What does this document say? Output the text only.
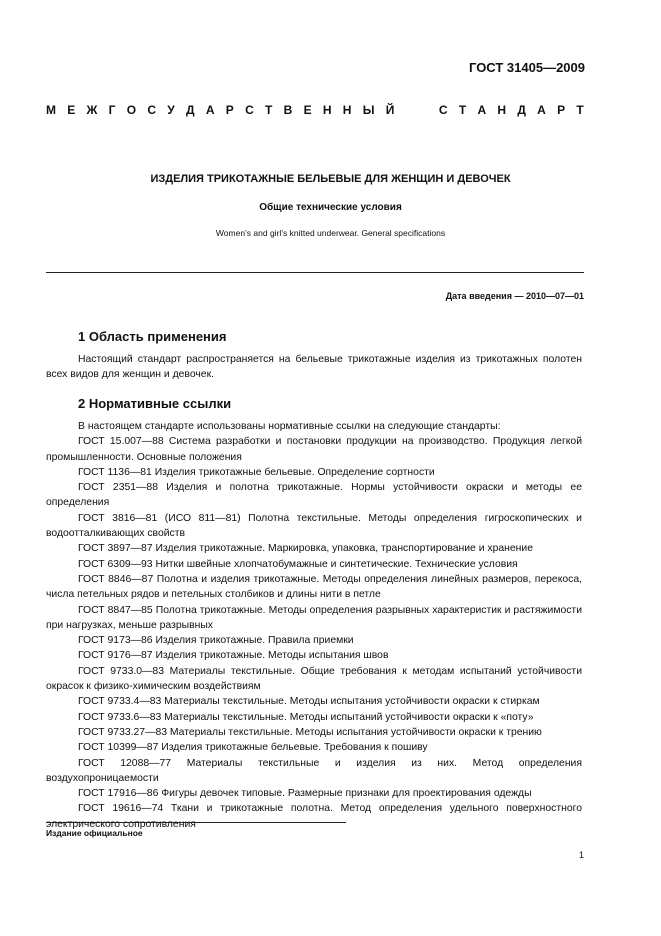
ГОСТ 31405—2009
М Е Ж Г О С У Д А Р С Т В Е Н Н Ы Й	С Т А Н Д А Р Т
ИЗДЕЛИЯ ТРИКОТАЖНЫЕ БЕЛЬЕВЫЕ ДЛЯ ЖЕНЩИН И ДЕВОЧЕК
Общие технические условия
Women’s and girl’s knitted underwear. General specifications
Дата введения — 2010—07—01
1 Область применения

Настоящий стандарт распространяется на бельевые трикотажные изделия из трикотажных полотен всех видов для женщин и девочек.

2 Нормативные ссылки

В настоящем стандарте использованы нормативные ссылки на следующие стандарты:

ГОСТ 15.007—88 Система разработки и постановки продукции на производство. Продукция легкой промышленности. Основные положения

ГОСТ 1136—81 Изделия трикотажные бельевые. Определение сортности

ГОСТ 2351—88 Изделия и полотна трикотажные. Нормы устойчивости окраски и методы ее определения

ГОСТ 3816—81 (ИСО 811—81) Полотна текстильные. Методы определения гигроскопических и водоотталкивающих свойств

ГОСТ 3897—87 Изделия трикотажные. Маркировка, упаковка, транспортирование и хранение

ГОСТ 6309—93 Нитки швейные хлопчатобумажные и синтетические. Технические условия

ГОСТ 8846—87 Полотна и изделия трикотажные. Методы определения линейных размеров, перекоса, числа петельных рядов и петельных столбиков и длины нити в петле

ГОСТ 8847—85 Полотна трикотажные. Методы определения разрывных характеристик и растяжимости при нагрузках, меньше разрывных

ГОСТ 9173—86 Изделия трикотажные. Правила приемки

ГОСТ 9176—87 Изделия трикотажные. Методы испытания швов

ГОСТ 9733.0—83 Материалы текстильные. Общие требования к методам испытаний устойчивости окрасок к физико-химическим воздействиям

ГОСТ 9733.4—83 Материалы текстильные. Методы испытания устойчивости окраски к стиркам

ГОСТ 9733.6—83 Материалы текстильные. Методы испытаний устойчивости окраски к «поту»

ГОСТ 9733.27—83 Материалы текстильные. Методы испытания устойчивости окраски к трению

ГОСТ 10399—87 Изделия трикотажные бельевые. Требования к пошиву

ГОСТ 12088—77 Материалы текстильные и изделия из них. Метод определения воздухопроницаемости

ГОСТ 17916—86 Фигуры девочек типовые. Размерные признаки для проектирования одежды

ГОСТ 19616—74 Ткани и трикотажные полотна. Метод определения удельного поверхностного электрического сопротивления

Издание официальное
1
